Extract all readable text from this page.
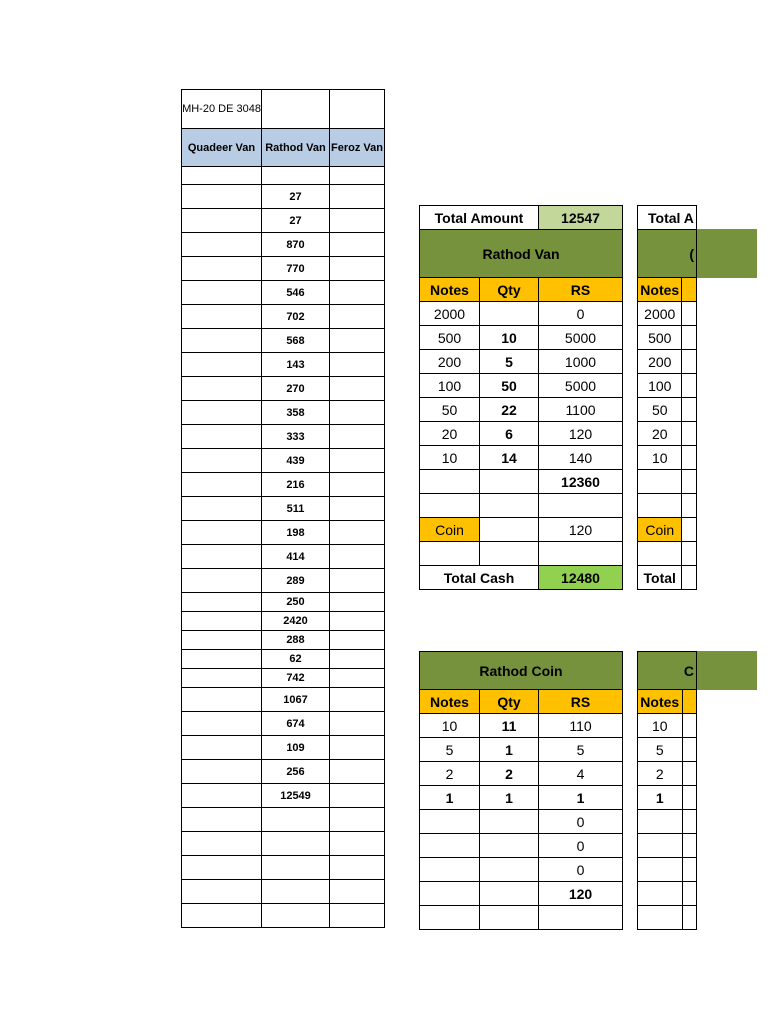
MH-20 DE 3048		
Quadeer Van	Rathod Van	Feroz Van

	27	
	27	
	870	
	770	
	546	
	702	
	568	
	143	
	270	
	358	
	333	
	439	
	216	
	511	
	198	
	414	
	289	
	250	
	2420	
	288	
	62	
	742	
	1067	
	674	
	109	
	256	
	12549	

Total Amount		12547
Rathod Van		
Notes	Qty	RS
2000		0
500	10	5000
200	5	1000
100	50	5000
50	22	1100
20	6	120
10	14	140
		12360

Coin		120

Total Cash		12480
Rathod Coin		
Notes	Qty	RS
10	11	110
5	1	5
2	2	4
1	1	1
		0
		0
		0
		120

Total A	
(	
Notes	
2000	
500	
200	
100	
50	
20	
10	

Coin	

Total	
C	
Notes	
10	
5	
2	
1	
